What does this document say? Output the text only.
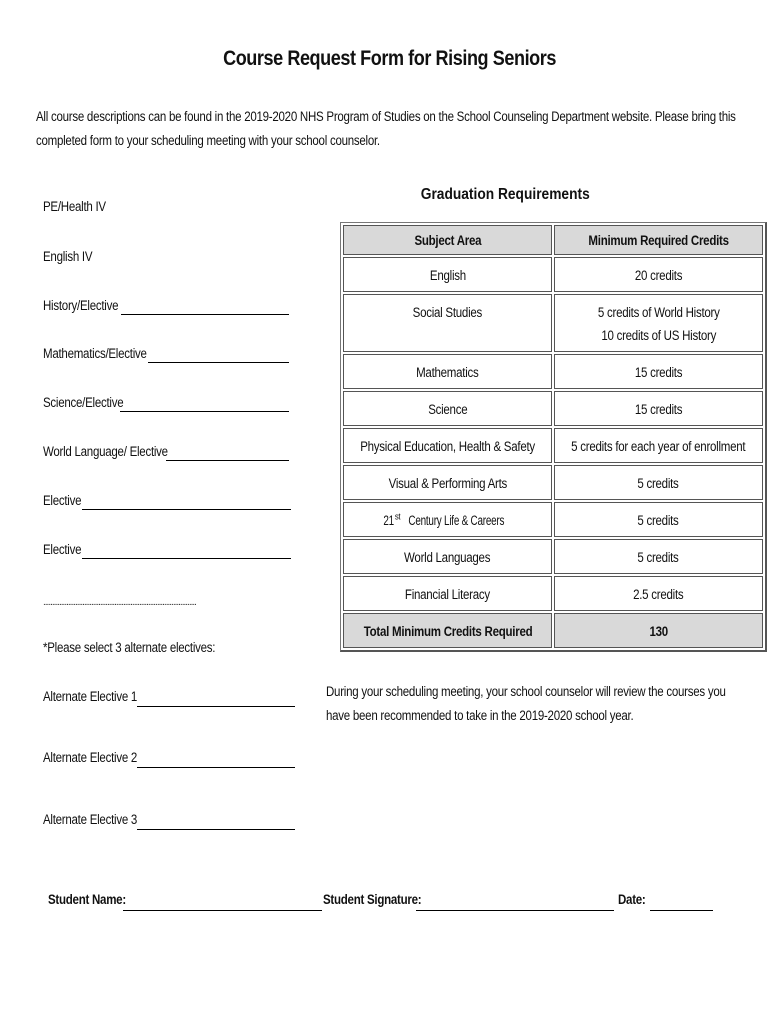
Course Request Form for Rising Seniors
All course descriptions can be found in the 2019-2020 NHS Program of Studies on the School Counseling Department website. Please bring this completed form to your scheduling meeting with your school counselor.
PE/Health IV
English IV
History/Elective
Mathematics/Elective
Science/Elective
World Language/ Elective
Elective
Elective
......................................................................................
*Please select 3 alternate electives:
Alternate Elective 1
Alternate Elective 2
Alternate Elective 3
Graduation Requirements
Subject Area	Minimum Required Credits
English	20 credits
Social Studies	5 credits of World History
10 credits of US History
Mathematics	15 credits
Science	15 credits
Physical Education, Health & Safety	5 credits for each year of enrollment
Visual & Performing Arts	5 credits
21stCentury Life & Careers	5 credits
World Languages	5 credits
Financial Literacy	2.5 credits
Total Minimum Credits Required	130
During your scheduling meeting, your school counselor will review the courses you have been recommended to take in the 2019-2020 school year.
Student Name:	Student Signature:	Date:
